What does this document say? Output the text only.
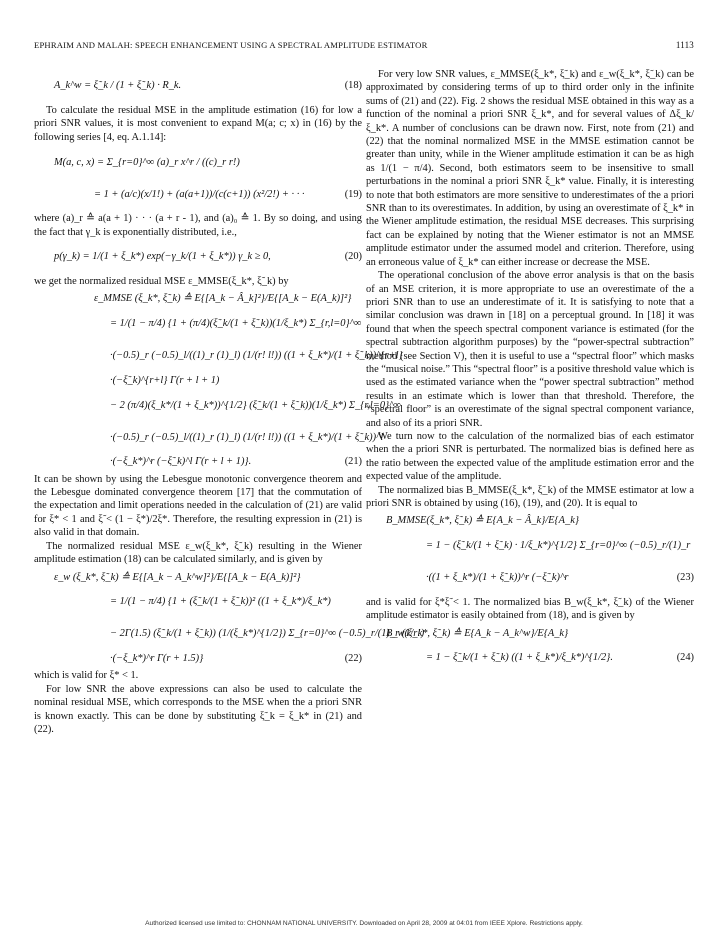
EPHRAIM AND MALAH: SPEECH ENHANCEMENT USING A SPECTRAL AMPLITUDE ESTIMATOR	1113
A_k^w = ξ̃_k / (1 + ξ̃_k) · R_k.	(18)

To calculate the residual MSE in the amplitude estimation (16) for low a priori SNR values, it is most convenient to expand M(a; c; x) in (16) by the following series [4, eq. A.1.14]:

M(a, c, x) = Σ_{r=0}^∞ (a)_r x^r / ((c)_r r!)
= 1 + (a/c)(x/1!) + (a(a+1))/(c(c+1)) (x²/2!) + · · ·	(19)

where (a)_r ≙ a(a + 1) · · · (a + r - 1), and (a)₀ ≙ 1. By so doing, and using the fact that γ_k is exponentially distributed, i.e.,

p(γ_k) = 1/(1 + ξ_k*) exp(−γ_k/(1 + ξ_k*)) γ_k ≥ 0,	(20)

we get the normalized residual MSE ε_MMSE(ξ_k*, ξ̃_k) by

ε_MMSE (ξ_k*, ξ̃_k) ≙ E{[A_k − Â_k]²}/E{[A_k − E(A_k)]²}
= 1/(1 − π/4) {1 + (π/4)(ξ̃_k/(1 + ξ̃_k))(1/ξ_k*) Σ_{r,l=0}^∞
·(−0.5)_r (−0.5)_l/((1)_r (1)_l) (1/(r! l!)) ((1 + ξ_k*)/(1 + ξ̃_k))^{r+l}
·(−ξ̃_k)^{r+l} Γ(r + l + 1)
− 2 (π/4)(ξ_k*/(1 + ξ_k*))^{1/2} (ξ̃_k/(1 + ξ̃_k))(1/ξ_k*) Σ_{r,l=0}^∞
·(−0.5)_r (−0.5)_l/((1)_r (1)_l) (1/(r! l!)) ((1 + ξ_k*)/(1 + ξ̃_k))^l
·(−ξ_k*)^r (−ξ̃_k)^l Γ(r + l + 1)}.	(21)

It can be shown by using the Lebesgue monotonic convergence theorem and the Lebesgue dominated convergence theorem [17] that the commutation of the expectation and limit operations needed in the calculation of (21) are valid for ξ* < 1 and ξ̃ < (1 − ξ*)/2ξ*. Therefore, the resulting expression in (21) is also valid in that domain.

The normalized residual MSE ε_w(ξ_k*, ξ̃_k) resulting in the Wiener amplitude estimation (18) can be calculated similarly, and is given by

ε_w (ξ_k*, ξ̃_k) ≙ E{[A_k − A_k^w]²}/E{[A_k − E(A_k)]²}
= 1/(1 − π/4) {1 + (ξ̃_k/(1 + ξ̃_k))² ((1 + ξ_k*)/ξ_k*)
− 2Γ(1.5) (ξ̃_k/(1 + ξ̃_k)) (1/(ξ_k*)^{1/2}) Σ_{r=0}^∞ (−0.5)_r/(1)_r (1/r!)
·(−ξ_k*)^r Γ(r + 1.5)}	(22)

which is valid for ξ* < 1.

For low SNR the above expressions can also be used to calculate the nominal residual MSE, which corresponds to the MSE when the a priori SNR is known exactly. This can be done by substituting ξ̃_k = ξ_k* in (21) and (22).

For very low SNR values, ε_MMSE(ξ_k*, ξ̃_k) and ε_w(ξ_k*, ξ̃_k) can be approximated by considering terms of up to third order only in the infinite sums of (21) and (22). Fig. 2 shows the residual MSE obtained in this way as a function of the nominal a priori SNR ξ_k*, and for several values of Δξ_k/ξ_k*. A number of conclusions can be drawn now. First, note from (21) and (22) that the nominal normalized MSE in the MMSE estimation cannot be greater than unity, while in the Wiener amplitude estimation it can be as high as 1/(1 − π/4). Second, both estimators seem to be insensitive to small perturbations in the nominal a priori SNR ξ_k* value. Finally, it is interesting to note that both estimators are more sensitive to underestimates of the a priori SNR than to its overestimates. In addition, by using an overestimate of ξ_k* in the Wiener amplitude estimation, the residual MSE decreases. This surprising fact can be explained by noting that the Wiener estimator is not an MMSE amplitude estimator under the assumed model and criterion. Therefore, using an erroneous value of ξ_k* can either increase or decrease the MSE.

The operational conclusion of the above error analysis is that on the basis of an MSE criterion, it is more appropriate to use an overestimate of the a priori SNR than to use an underestimate of it. It is satisfying to note that a similar conclusion was drawn in [18] on a perceptual ground. In [18] it was found that when the speech spectral component variance is estimated (for the spectral subtraction algorithm purposes) by the “power-spectral subtraction” method (see Section V), then it is useful to use a “spectral floor” which masks the “musical noise.” This “spectral floor” is a positive threshold value which is used as the estimated variance when the “power spectral subtraction” method results in an estimate which is lower than that threshold. Therefore, the “spectral floor” is an overestimate of the signal spectral component variance, and also of its a priori SNR.

We turn now to the calculation of the normalized bias of each estimator when the a priori SNR is perturbated. The normalized bias is defined here as the ratio between the expected value of the amplitude estimation error and the expected value of the amplitude.

The normalized bias B_MMSE(ξ_k*, ξ̃_k) of the MMSE estimator at low a priori SNR is obtained by using (16), (19), and (20). It is equal to

B_MMSE(ξ_k*, ξ̃_k) ≙ E{A_k − Â_k}/E{A_k}
= 1 − (ξ̃_k/(1 + ξ̃_k) · 1/ξ_k*)^{1/2} Σ_{r=0}^∞ (−0.5)_r/(1)_r
·((1 + ξ_k*)/(1 + ξ̃_k))^r (−ξ̃_k)^r	(23)

and is valid for ξ*ξ̃ < 1. The normalized bias B_w(ξ_k*, ξ̃_k) of the Wiener amplitude estimator is easily obtained from (18), and is given by

B_w(ξ_k*, ξ̃_k) ≙ E{A_k − A_k^w}/E{A_k}
= 1 − ξ̃_k/(1 + ξ̃_k) ((1 + ξ_k*)/ξ_k*)^{1/2}.	(24)
Authorized licensed use limited to: CHONNAM NATIONAL UNIVERSITY. Downloaded on April 28, 2009 at 04:01 from IEEE Xplore. Restrictions apply.
